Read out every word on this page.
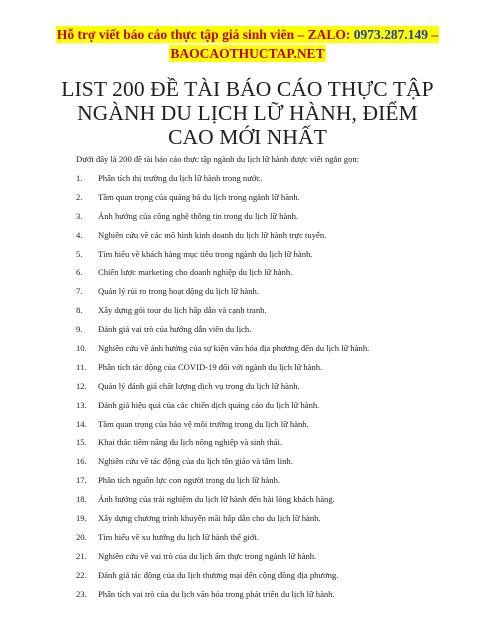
Hỗ trợ viết báo cáo thực tập giá sinh viên – ZALO: 0973.287.149 –
BAOCAOTHUCTAP.NET
LIST 200 ĐỀ TÀI BÁO CÁO THỰC TẬP
NGÀNH DU LỊCH LỮ HÀNH, ĐIỂM
CAO MỚI NHẤT
Dưới đây là 200 đề tài báo cáo thực tập ngành du lịch lữ hành được viết ngắn gọn:
1.	Phân tích thị trường du lịch lữ hành trong nước.
2.	Tầm quan trọng của quảng bá du lịch trong ngành lữ hành.
3.	Ảnh hưởng của công nghệ thông tin trong du lịch lữ hành.
4.	Nghiên cứu về các mô hình kinh doanh du lịch lữ hành trực tuyến.
5.	Tìm hiểu về khách hàng mục tiêu trong ngành du lịch lữ hành.
6.	Chiến lược marketing cho doanh nghiệp du lịch lữ hành.
7.	Quản lý rủi ro trong hoạt động du lịch lữ hành.
8.	Xây dựng gói tour du lịch hấp dẫn và cạnh tranh.
9.	Đánh giá vai trò của hướng dẫn viên du lịch.
10.	Nghiên cứu về ảnh hưởng của sự kiện văn hóa địa phương đến du lịch lữ hành.
11.	Phân tích tác động của COVID-19 đối với ngành du lịch lữ hành.
12.	Quản lý đánh giá chất lượng dịch vụ trong du lịch lữ hành.
13.	Đánh giá hiệu quả của các chiến dịch quảng cáo du lịch lữ hành.
14.	Tầm quan trọng của bảo vệ môi trường trong du lịch lữ hành.
15.	Khai thác tiềm năng du lịch nông nghiệp và sinh thái.
16.	Nghiên cứu về tác động của du lịch tôn giáo và tâm linh.
17.	Phân tích nguồn lực con người trong du lịch lữ hành.
18.	Ảnh hưởng của trải nghiệm du lịch lữ hành đến hài lòng khách hàng.
19.	Xây dựng chương trình khuyến mãi hấp dẫn cho du lịch lữ hành.
20.	Tìm hiểu về xu hướng du lịch lữ hành thế giới.
21.	Nghiên cứu về vai trò của du lịch ẩm thực trong ngành lữ hành.
22.	Đánh giá tác động của du lịch thương mại đến cộng đồng địa phương.
23.	Phân tích vai trò của du lịch văn hóa trong phát triển du lịch lữ hành.
